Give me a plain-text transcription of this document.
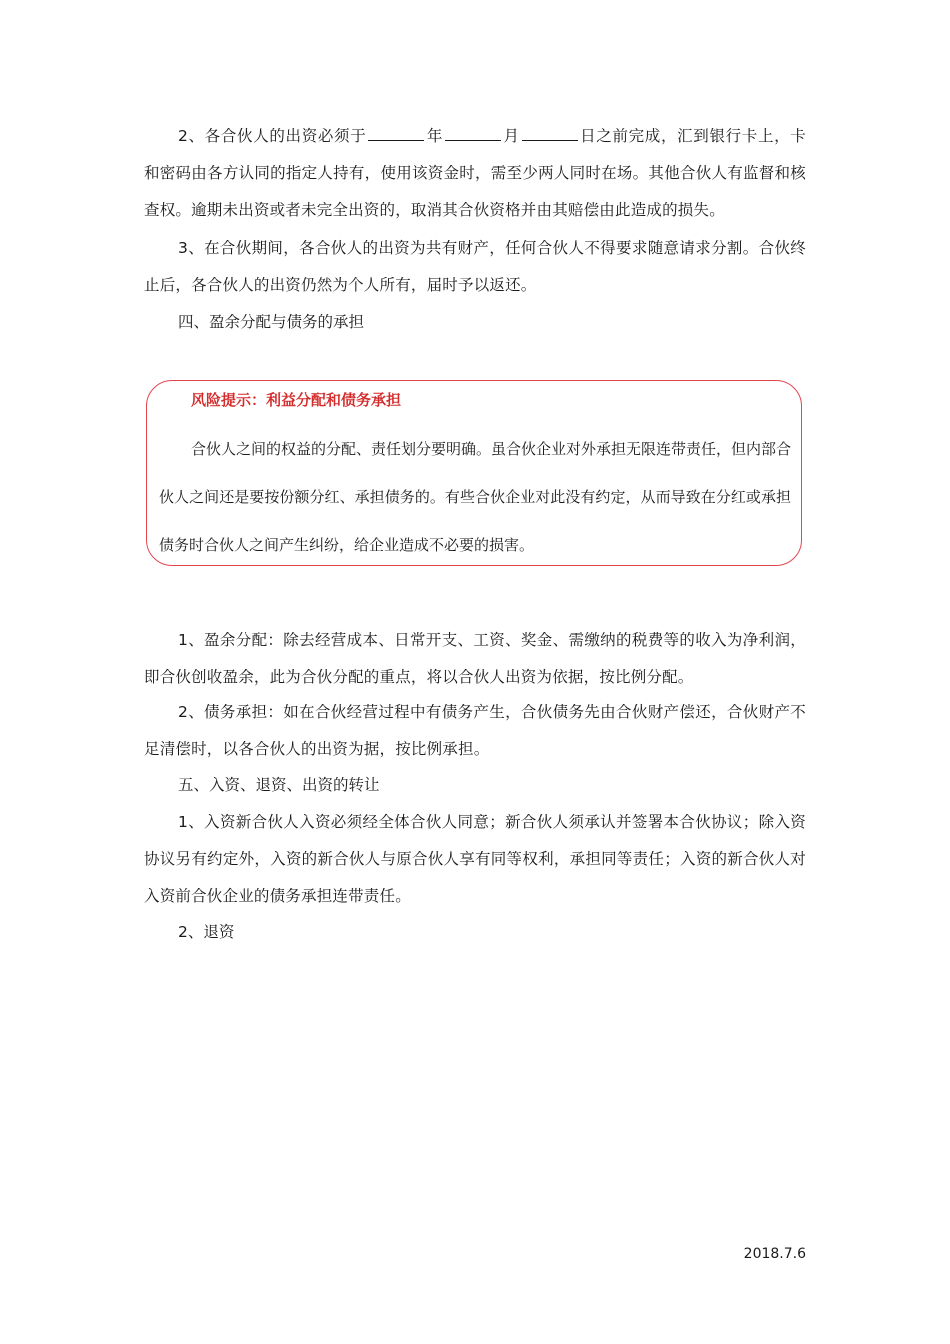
2、各合伙人的出资必须于	年	月	日之前完成，汇到银行卡上，卡和密码由各方认同的指定人持有，使用该资金时，需至少两人同时在场。其他合伙人有监督和核查权。逾期未出资或者未完全出资的，取消其合伙资格并由其赔偿由此造成的损失。

3、在合伙期间，各合伙人的出资为共有财产，任何合伙人不得要求随意请求分割。合伙终止后，各合伙人的出资仍然为个人所有，届时予以返还。

四、盈余分配与债务的承担

风险提示：利益分配和债务承担

合伙人之间的权益的分配、责任划分要明确。虽合伙企业对外承担无限连带责任，但内部合伙人之间还是要按份额分红、承担债务的。有些合伙企业对此没有约定，从而导致在分红或承担债务时合伙人之间产生纠纷，给企业造成不必要的损害。

1、盈余分配：除去经营成本、日常开支、工资、奖金、需缴纳的税费等的收入为净利润，即合伙创收盈余，此为合伙分配的重点，将以合伙人出资为依据，按比例分配。

2、债务承担：如在合伙经营过程中有债务产生，合伙债务先由合伙财产偿还，合伙财产不足清偿时，以各合伙人的出资为据，按比例承担。

五、入资、退资、出资的转让

1、入资新合伙人入资必须经全体合伙人同意；新合伙人须承认并签署本合伙协议；除入资协议另有约定外，入资的新合伙人与原合伙人享有同等权利，承担同等责任；入资的新合伙人对入资前合伙企业的债务承担连带责任。

2、退资

2018.7.6
